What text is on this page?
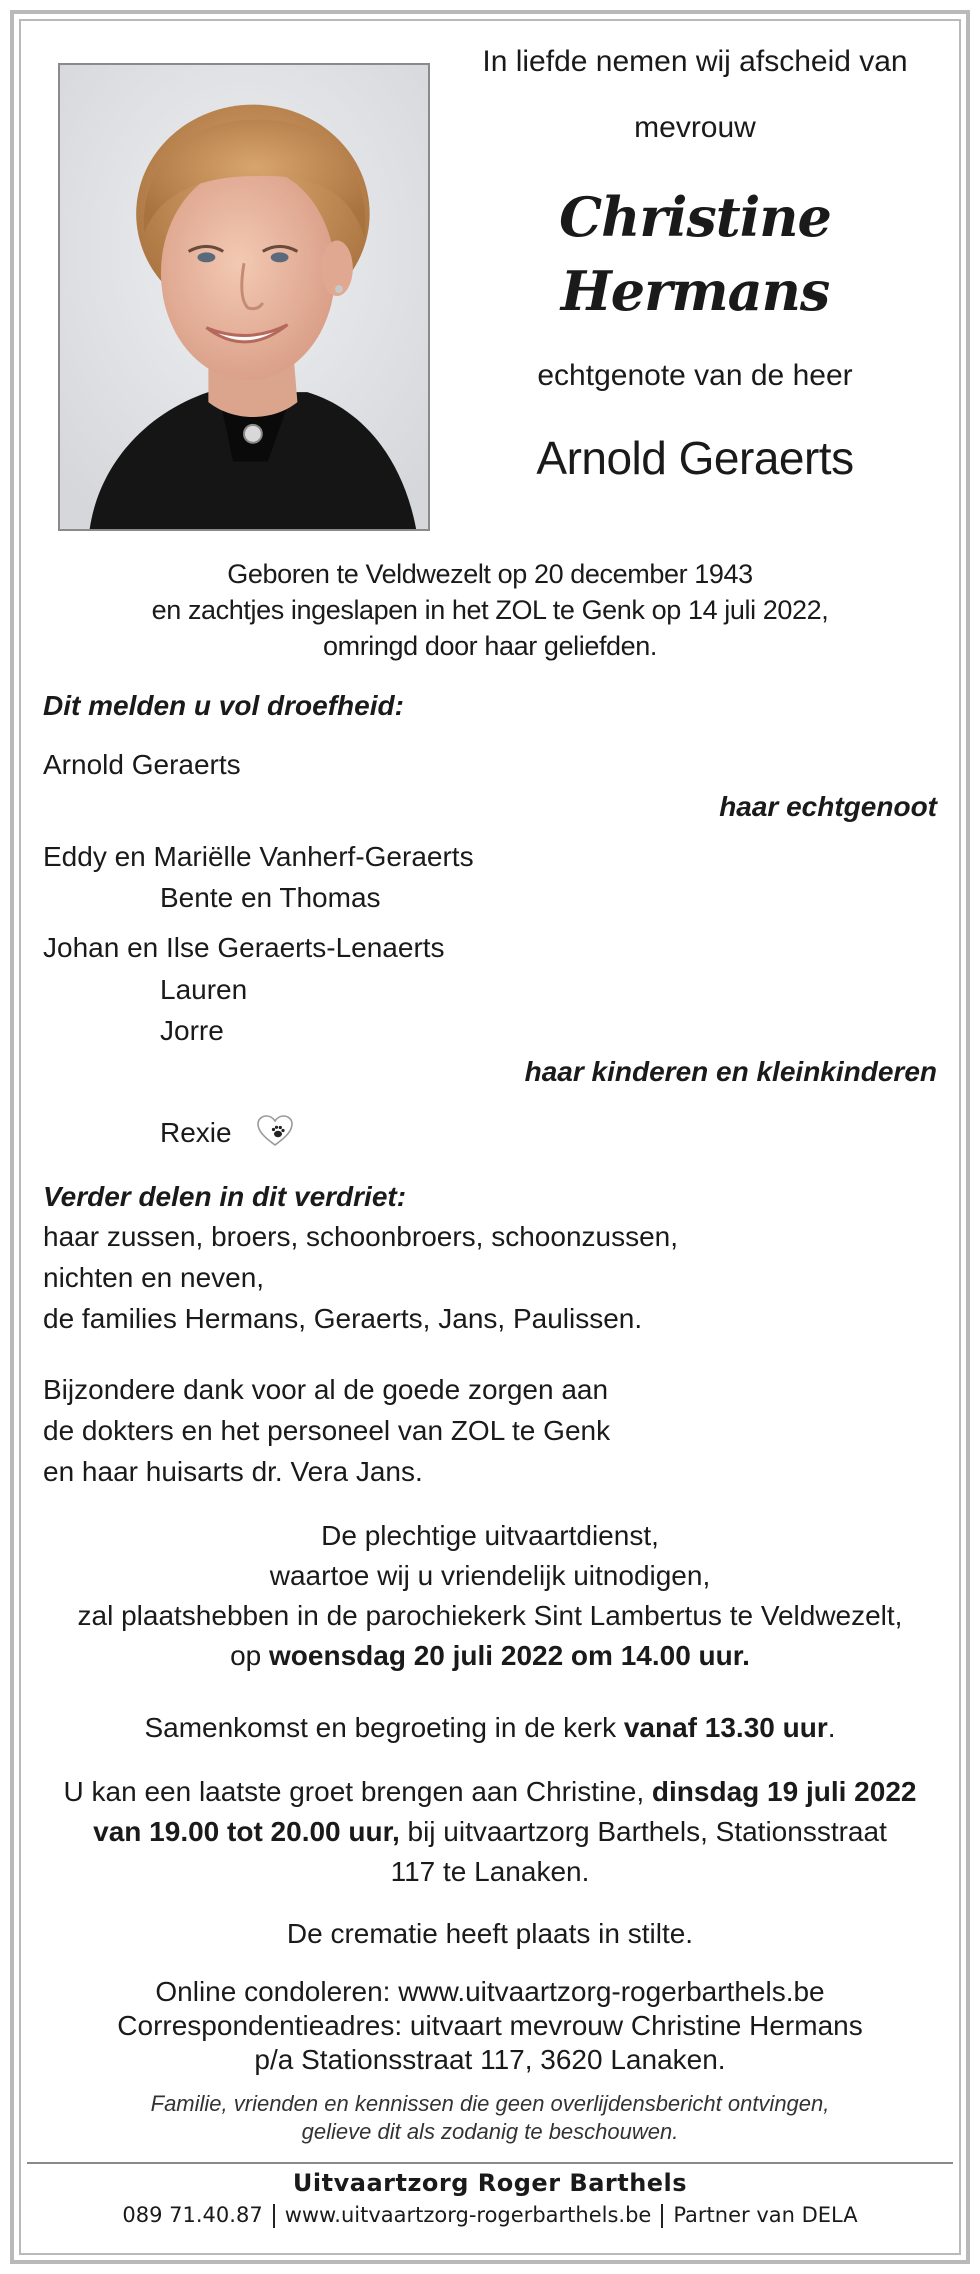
In liefde nemen wij afscheid van
mevrouw
Christine
Hermans
echtgenote van de heer
Arnold Geraerts
Geboren te Veldwezelt op 20 december 1943
en zachtjes ingeslapen in het ZOL te Genk op 14 juli 2022,
omringd door haar geliefden.
Dit melden u vol droefheid:
Arnold Geraerts
haar echtgenoot
Eddy en Mariëlle Vanherf-Geraerts
Bente en Thomas
Johan en Ilse Geraerts-Lenaerts
Lauren
Jorre
haar kinderen en kleinkinderen
Rexie
Verder delen in dit verdriet:
haar zussen, broers, schoonbroers, schoonzussen,
nichten en neven,
de families Hermans, Geraerts, Jans, Paulissen.
Bijzondere dank voor al de goede zorgen aan
de dokters en het personeel van ZOL te Genk
en haar huisarts dr. Vera Jans.
De plechtige uitvaartdienst,
waartoe wij u vriendelijk uitnodigen,
zal plaatshebben in de parochiekerk Sint Lambertus te Veldwezelt,
op woensdag 20 juli 2022 om 14.00 uur.
Samenkomst en begroeting in de kerk vanaf 13.30 uur.
U kan een laatste groet brengen aan Christine, dinsdag 19 juli 2022
van 19.00 tot 20.00 uur, bij uitvaartzorg Barthels, Stationsstraat
117 te Lanaken.
De crematie heeft plaats in stilte.
Online condoleren: www.uitvaartzorg-rogerbarthels.be
Correspondentieadres: uitvaart mevrouw Christine Hermans
p/a Stationsstraat 117, 3620 Lanaken.
Familie, vrienden en kennissen die geen overlijdensbericht ontvingen,
gelieve dit als zodanig te beschouwen.
Uitvaartzorg Roger Barthels
089 71.40.87 www.uitvaartzorg-rogerbarthels.be Partner van DELA
